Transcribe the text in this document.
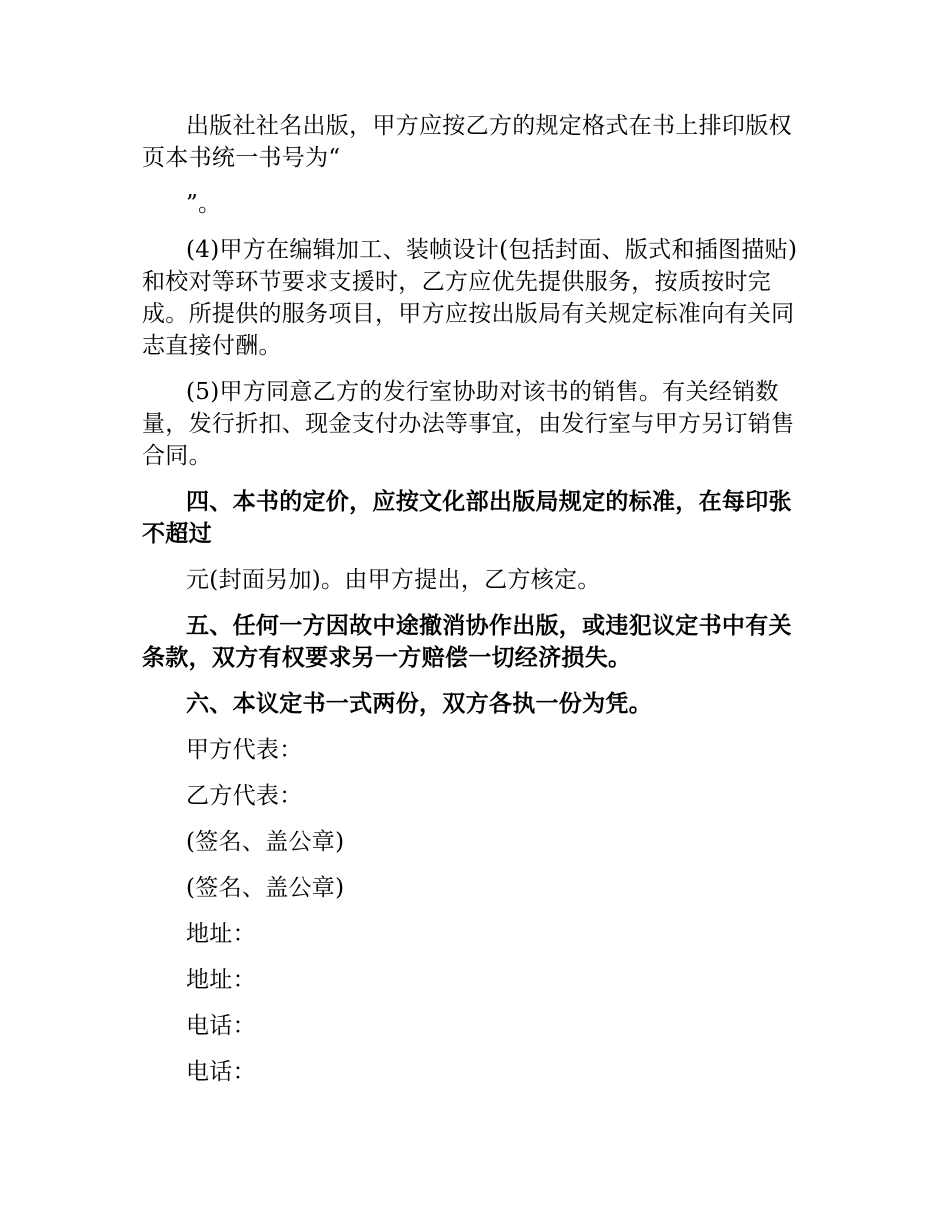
出版社社名出版，甲方应按乙方的规定格式在书上排印版权页本书统一书号为“

”。

(4)甲方在编辑加工、装帧设计(包括封面、版式和插图描贴)和校对等环节要求支援时，乙方应优先提供服务，按质按时完成。所提供的服务项目，甲方应按出版局有关规定标准向有关同志直接付酬。

(5)甲方同意乙方的发行室协助对该书的销售。有关经销数量，发行折扣、现金支付办法等事宜，由发行室与甲方另订销售合同。

四、本书的定价，应按文化部出版局规定的标准，在每印张不超过

元(封面另加)。由甲方提出，乙方核定。

五、任何一方因故中途撤消协作出版，或违犯议定书中有关条款，双方有权要求另一方赔偿一切经济损失。

六、本议定书一式两份，双方各执一份为凭。

甲方代表：

乙方代表：

(签名、盖公章)

(签名、盖公章)

地址：

地址：

电话：

电话：
